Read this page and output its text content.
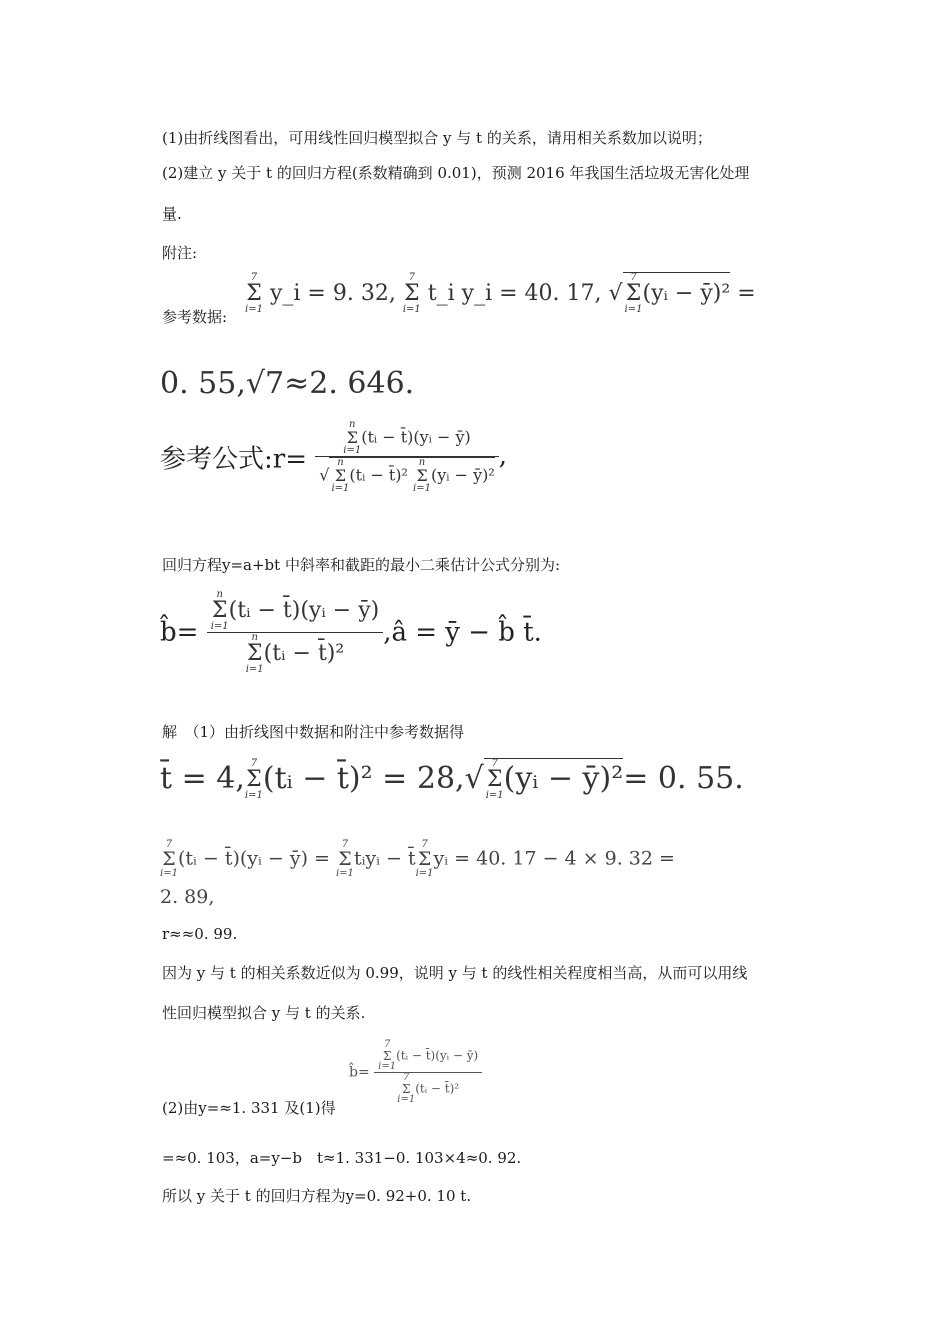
(1)由折线图看出，可用线性回归模型拟合 y 与 t 的关系，请用相关系数加以说明；
(2)建立 y 关于 t 的回归方程(系数精确到 0.01)，预测 2016 年我国生活垃圾无害化处理
量.
附注:
参考数据:
7
Σ
i=1
y_i = 9. 32,
7
Σ
i=1
t_i y_i = 40. 17, √
7
Σ
i=1
(yᵢ − ȳ)² =
0. 55,√7≈2. 646.
参考公式:r= n
Σ
i=1
(tᵢ − t̄)(yᵢ − ȳ)
√
n
Σ
i=1
(tᵢ − t̄)²
n
Σ
i=1
(yᵢ − ȳ)² ,
回归方程y=a+bt 中斜率和截距的最小二乘估计公式分别为:
b̂= n
Σ
i=1
(tᵢ − t̄)(yᵢ − ȳ)
n
Σ
i=1
(tᵢ − t̄)² ,â = ȳ − b̂ t̄.
解　（1）由折线图中数据和附注中参考数据得
t̄ = 4, 7
Σ
i=1 (tᵢ − t̄)² = 28,√ 7
Σ
i=1 (yᵢ − ȳ)²= 0. 55.
7
Σ
i=1
(tᵢ − t̄)(yᵢ − ȳ) =
7
Σ
i=1
tᵢyᵢ − t̄
7
Σ
i=1
yᵢ = 40. 17 − 4 × 9. 32 =
2. 89,
r≈≈0. 99.
因为 y 与 t 的相关系数近似为 0.99，说明 y 与 t 的线性相关程度相当高，从而可以用线
性回归模型拟合 y 与 t 的关系.
b̂= 7
Σ
i=1
(tᵢ − t̄)(yᵢ − ȳ)
7
Σ
i=1
(tᵢ − t̄)²
(2)由y=≈1. 331 及(1)得
=≈0. 103，a=y−b　t≈1. 331−0. 103×4≈0. 92.
所以 y 关于 t 的回归方程为y=0. 92+0. 10 t.
